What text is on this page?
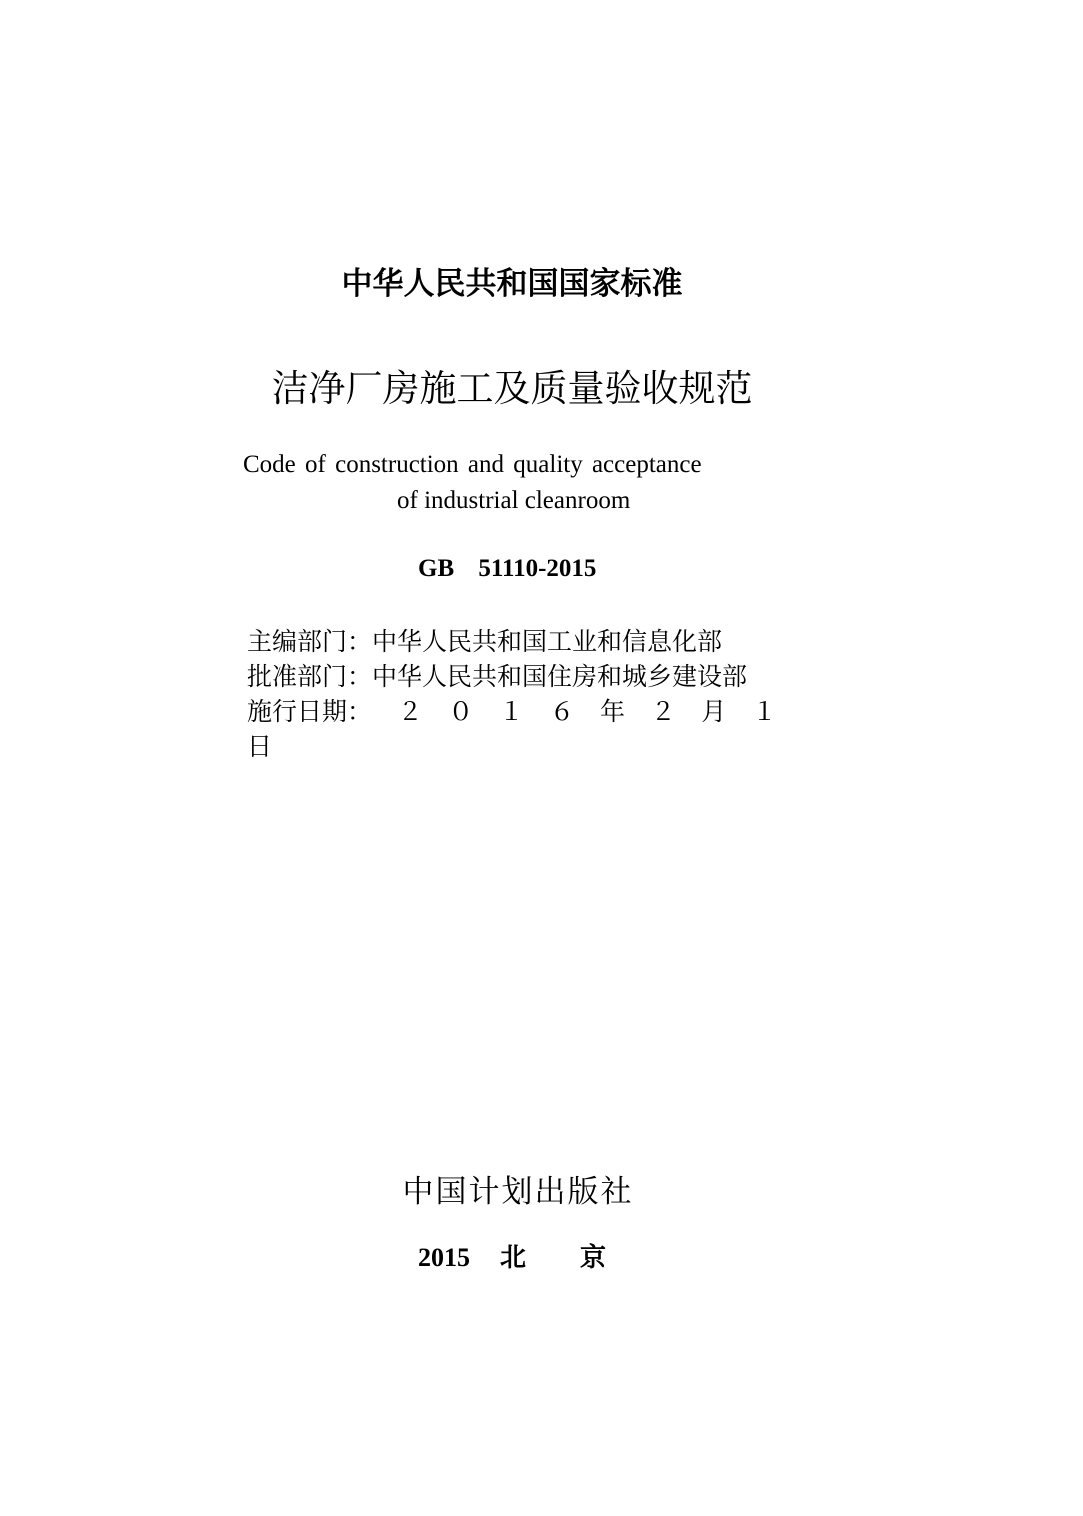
中华人民共和国国家标准
洁净厂房施工及质量验收规范
Code of construction and quality acceptance
of industrial cleanroom
GB 51110-2015
主编部门：中华人民共和国工业和信息化部
批准部门：中华人民共和国住房和城乡建设部
施行日期： ２ ０ １ ６ 年 ２ 月 １
日
中国计划出版社
2015 北 京
